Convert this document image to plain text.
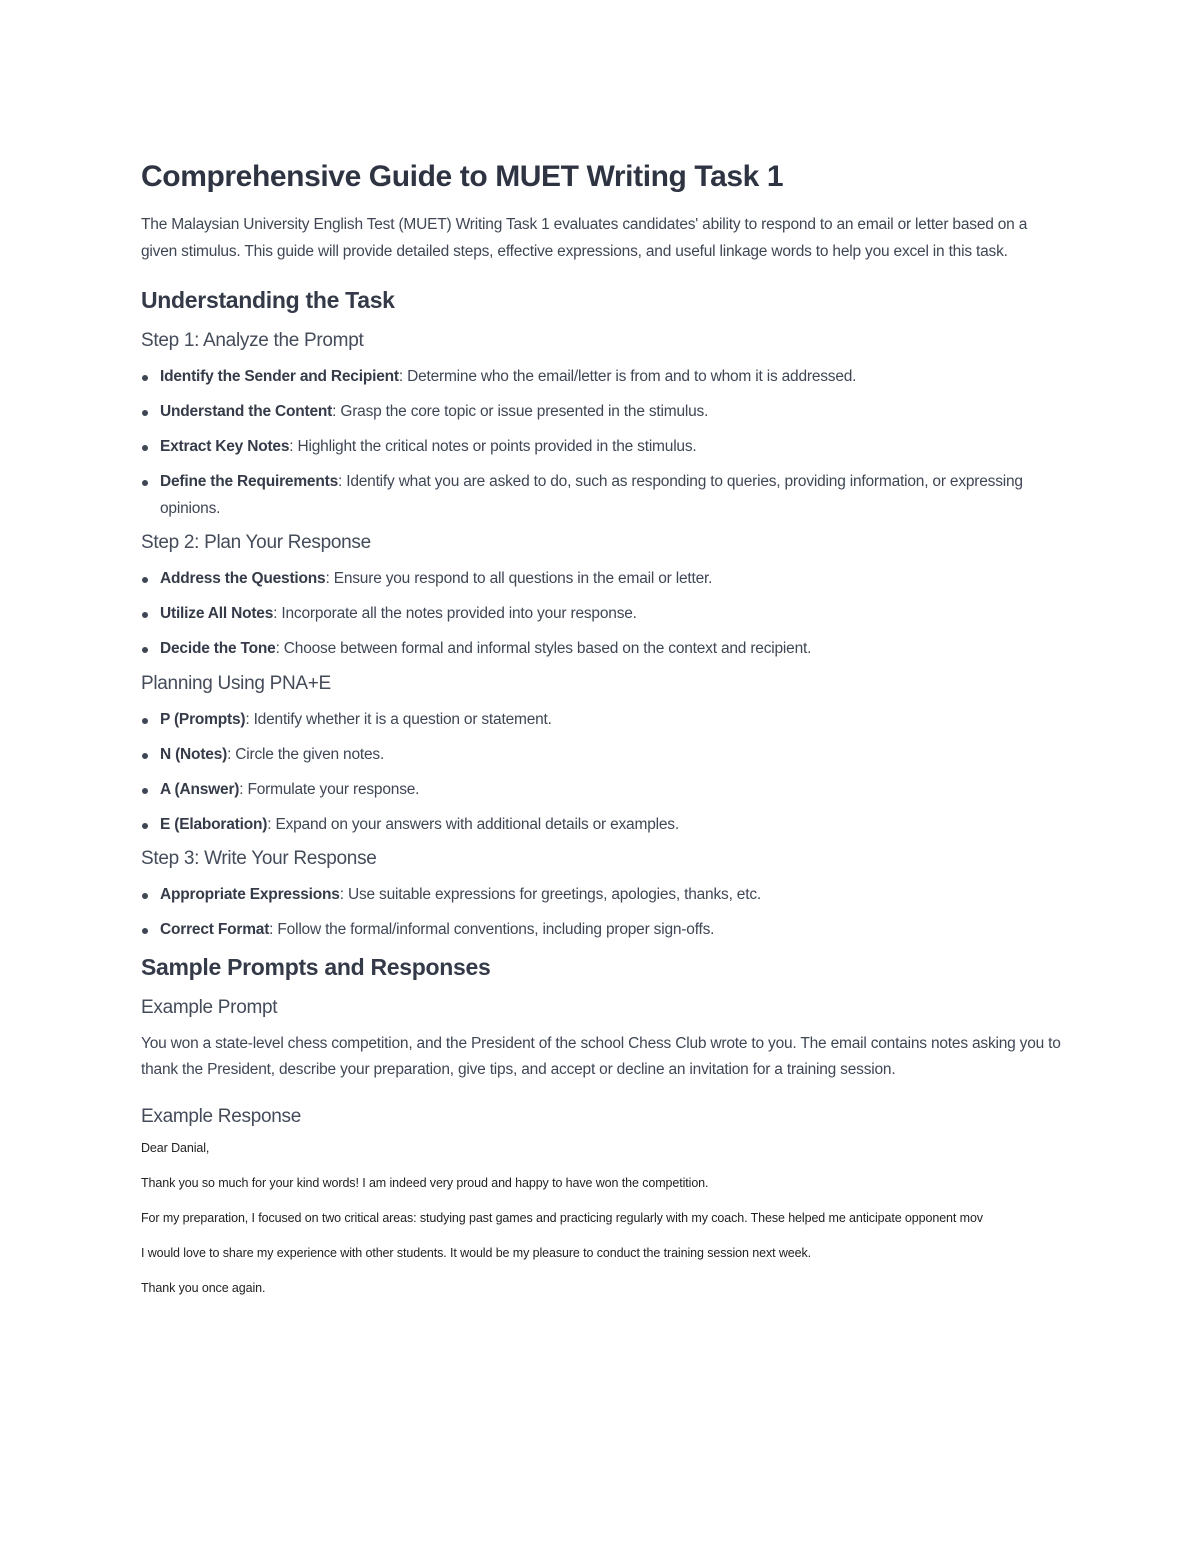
Comprehensive Guide to MUET Writing Task 1

The Malaysian University English Test (MUET) Writing Task 1 evaluates candidates' ability to respond to an email or letter based on a given stimulus. This guide will provide detailed steps, effective expressions, and useful linkage words to help you excel in this task.

Understanding the Task
Step 1: Analyze the Prompt
Identify the Sender and Recipient: Determine who the email/letter is from and to whom it is addressed.
Understand the Content: Grasp the core topic or issue presented in the stimulus.
Extract Key Notes: Highlight the critical notes or points provided in the stimulus.
Define the Requirements: Identify what you are asked to do, such as responding to queries, providing information, or expressing opinions.
Step 2: Plan Your Response
Address the Questions: Ensure you respond to all questions in the email or letter.
Utilize All Notes: Incorporate all the notes provided into your response.
Decide the Tone: Choose between formal and informal styles based on the context and recipient.
Planning Using PNA+E
P (Prompts): Identify whether it is a question or statement.
N (Notes): Circle the given notes.
A (Answer): Formulate your response.
E (Elaboration): Expand on your answers with additional details or examples.
Step 3: Write Your Response
Appropriate Expressions: Use suitable expressions for greetings, apologies, thanks, etc.
Correct Format: Follow the formal/informal conventions, including proper sign-offs.
Sample Prompts and Responses
Example Prompt

You won a state-level chess competition, and the President of the school Chess Club wrote to you. The email contains notes asking you to thank the President, describe your preparation, give tips, and accept or decline an invitation for a training session.

Example Response

Dear Danial,

Thank you so much for your kind words! I am indeed very proud and happy to have won the competition.

For my preparation, I focused on two critical areas: studying past games and practicing regularly with my coach. These helped me anticipate opponent mov

I would love to share my experience with other students. It would be my pleasure to conduct the training session next week.

Thank you once again.
